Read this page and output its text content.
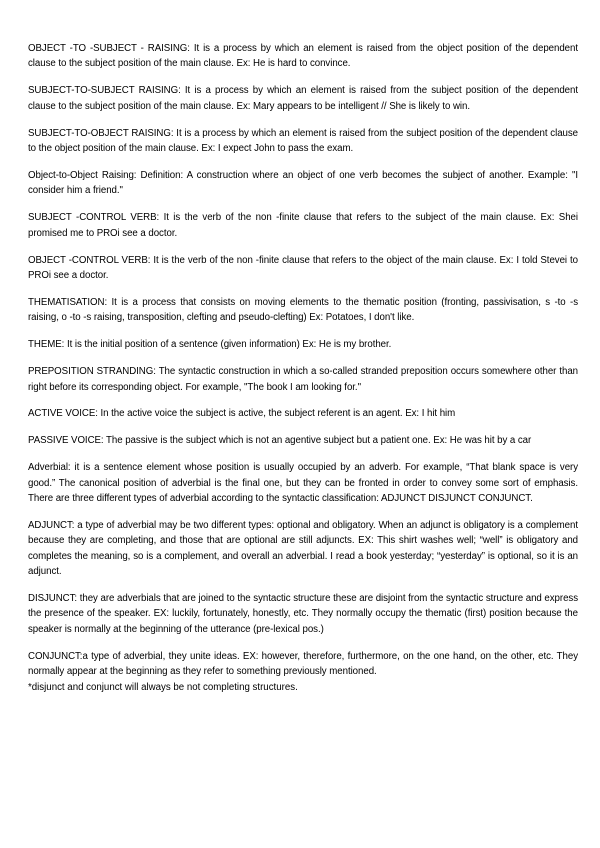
OBJECT -TO -SUBJECT - RAISING: It is a process by which an element is raised from the object position of the dependent clause to the subject position of the main clause. Ex: He is hard to convince.

SUBJECT-TO-SUBJECT RAISING: It is a process by which an element is raised from the subject position of the dependent clause to the subject position of the main clause. Ex: Mary appears to be intelligent // She is likely to win.

SUBJECT-TO-OBJECT RAISING: It is a process by which an element is raised from the subject position of the dependent clause to the object position of the main clause. Ex: I expect John to pass the exam.

Object-to-Object Raising: Definition: A construction where an object of one verb becomes the subject of another. Example: "I consider him a friend."

SUBJECT -CONTROL VERB: It is the verb of the non -finite clause that refers to the subject of the main clause. Ex: Shei promised me to PROi see a doctor.

OBJECT -CONTROL VERB: It is the verb of the non -finite clause that refers to the object of the main clause. Ex: I told Stevei to PROi see a doctor.

THEMATISATION: It is a process that consists on moving elements to the thematic position (fronting, passivisation, s -to -s raising, o -to -s raising, transposition, clefting and pseudo-clefting) Ex: Potatoes, I don't like.

THEME: It is the initial position of a sentence (given information) Ex: He is my brother.

PREPOSITION STRANDING: The syntactic construction in which a so-called stranded preposition occurs somewhere other than right before its corresponding object. For example, "The book I am looking for."

ACTIVE VOICE: In the active voice the subject is active, the subject referent is an agent. Ex: I hit him

PASSIVE VOICE: The passive is the subject which is not an agentive subject but a patient one. Ex: He was hit by a car

Adverbial: it is a sentence element whose position is usually occupied by an adverb. For example, “That blank space is very good.” The canonical position of adverbial is the final one, but they can be fronted in order to convey some sort of emphasis. There are three different types of adverbial according to the syntactic classification: ADJUNCT DISJUNCT CONJUNCT.

ADJUNCT: a type of adverbial may be two different types: optional and obligatory. When an adjunct is obligatory is a complement because they are completing, and those that are optional are still adjuncts. EX: This shirt washes well; “well” is obligatory and completes the meaning, so is a complement, and overall an adverbial. I read a book yesterday; “yesterday” is optional, so it is an adjunct.

DISJUNCT: they are adverbials that are joined to the syntactic structure these are disjoint from the syntactic structure and express the presence of the speaker. EX: luckily, fortunately, honestly, etc. They normally occupy the thematic (first) position because the speaker is normally at the beginning of the utterance (pre-lexical pos.)

CONJUNCT:a type of adverbial, they unite ideas. EX: however, therefore, furthermore, on the one hand, on the other, etc. They normally appear at the beginning as they refer to something previously mentioned.

*disjunct and conjunct will always be not completing structures.
